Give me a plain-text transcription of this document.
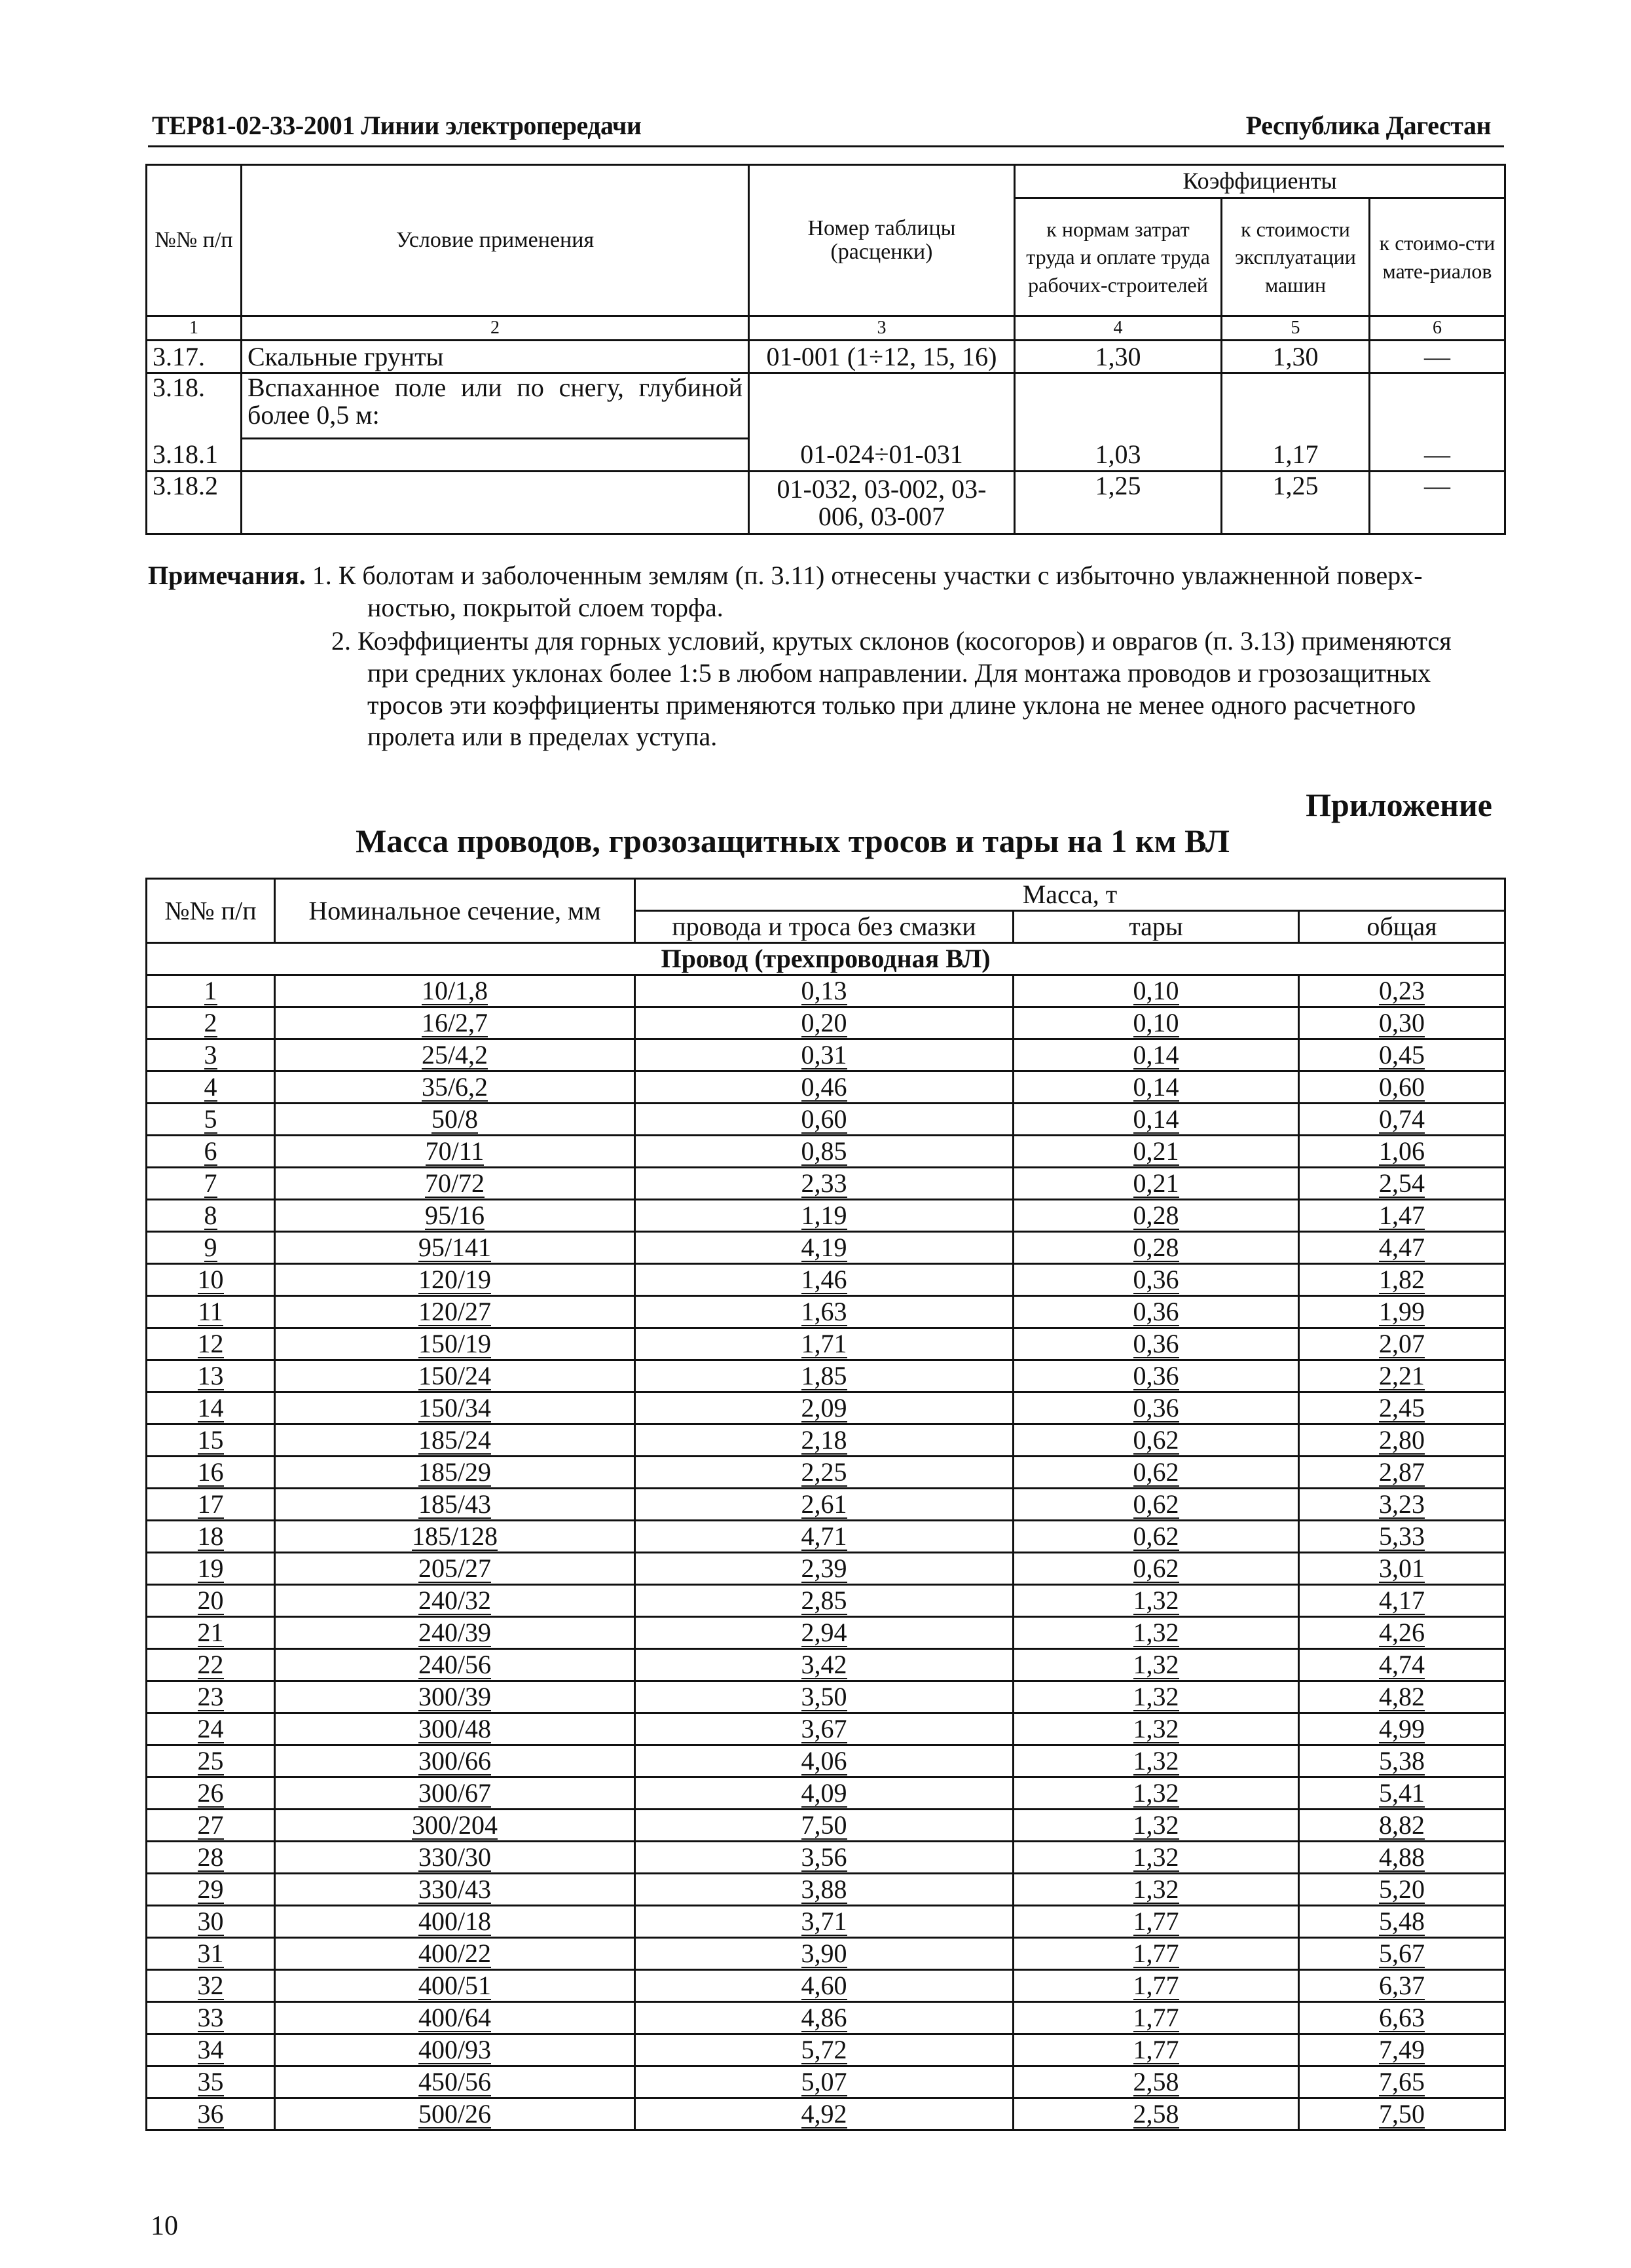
ТЕР81-02-33-2001 Линии электропередачи	Республика Дагестан
№№ п/п	Условие применения	Номер таблицы (расценки)	Коэффициенты		
			к нормам затрат труда и оплате труда рабочих-строителей	к стоимости эксплуатации машин	к стоимо-сти мате-риалов
1	2	3	4	5	6
3.17.	Скальные грунты	01-001 (1÷12, 15, 16)	1,30	1,30	—
3.18.	Вспаханное поле или по снегу, глубиной более 0,5 м:				
3.18.1		01-024÷01-031	1,03	1,17	—
3.18.2		01-032, 03-002, 03-006, 03-007	1,25	1,25	—
Примечания. 1. К болотам и заболоченным землям (п. 3.11) отнесены участки с избыточно увлажненной поверх-
ностью, покрытой слоем торфа.
2. Коэффициенты для горных условий, крутых склонов (косогоров) и оврагов (п. 3.13) применяются
при средних уклонах более 1:5 в любом направлении. Для монтажа проводов и грозозащитных
тросов эти коэффициенты применяются только при длине уклона не менее одного расчетного
пролета или в пределах уступа.
Приложение
Масса проводов, грозозащитных тросов и тары на 1 км ВЛ
№№ п/п	Номинальное сечение, мм	Масса, т		
		провода и троса без смазки	тары	общая
Провод (трехпроводная ВЛ)				
1	10/1,8	0,13	0,10	0,23
2	16/2,7	0,20	0,10	0,30
3	25/4,2	0,31	0,14	0,45
4	35/6,2	0,46	0,14	0,60
5	50/8	0,60	0,14	0,74
6	70/11	0,85	0,21	1,06
7	70/72	2,33	0,21	2,54
8	95/16	1,19	0,28	1,47
9	95/141	4,19	0,28	4,47
10	120/19	1,46	0,36	1,82
11	120/27	1,63	0,36	1,99
12	150/19	1,71	0,36	2,07
13	150/24	1,85	0,36	2,21
14	150/34	2,09	0,36	2,45
15	185/24	2,18	0,62	2,80
16	185/29	2,25	0,62	2,87
17	185/43	2,61	0,62	3,23
18	185/128	4,71	0,62	5,33
19	205/27	2,39	0,62	3,01
20	240/32	2,85	1,32	4,17
21	240/39	2,94	1,32	4,26
22	240/56	3,42	1,32	4,74
23	300/39	3,50	1,32	4,82
24	300/48	3,67	1,32	4,99
25	300/66	4,06	1,32	5,38
26	300/67	4,09	1,32	5,41
27	300/204	7,50	1,32	8,82
28	330/30	3,56	1,32	4,88
29	330/43	3,88	1,32	5,20
30	400/18	3,71	1,77	5,48
31	400/22	3,90	1,77	5,67
32	400/51	4,60	1,77	6,37
33	400/64	4,86	1,77	6,63
34	400/93	5,72	1,77	7,49
35	450/56	5,07	2,58	7,65
36	500/26	4,92	2,58	7,50
10
